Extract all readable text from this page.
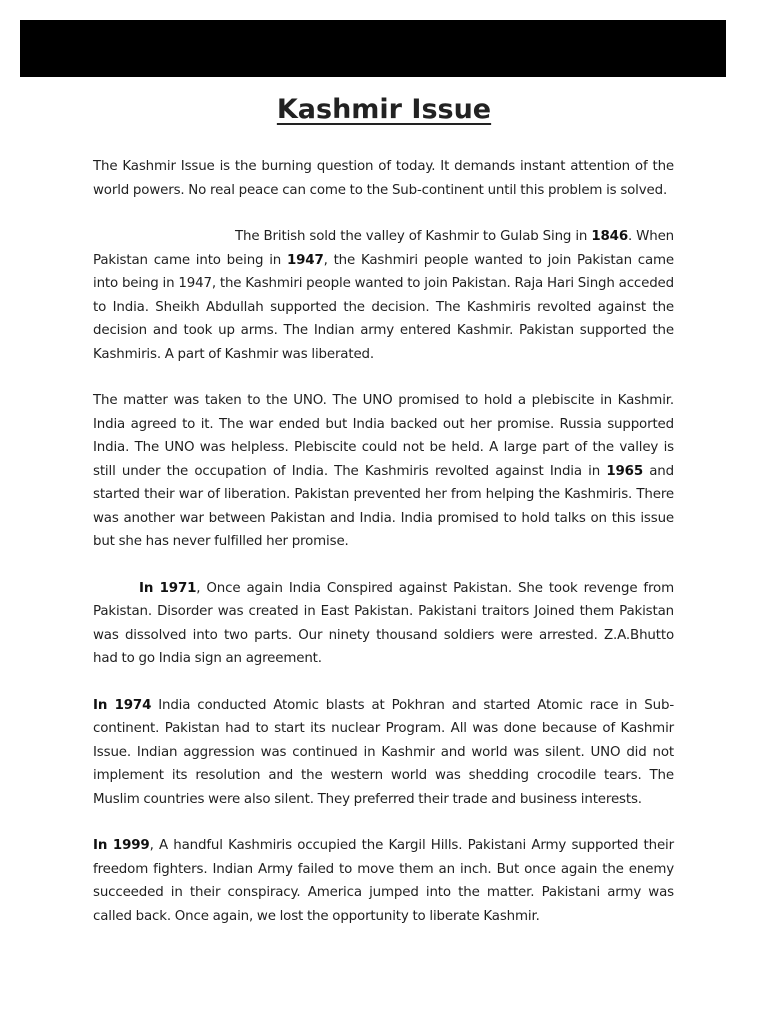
Kashmir Issue

The Kashmir Issue is the burning question of today. It demands instant attention of the world powers. No real peace can come to the Sub-continent until this problem is solved.

The British sold the valley of Kashmir to Gulab Sing in 1846. When Pakistan came into being in 1947, the Kashmiri people wanted to join Pakistan came into being in 1947, the Kashmiri people wanted to join Pakistan. Raja Hari Singh acceded to India. Sheikh Abdullah supported the decision. The Kashmiris revolted against the decision and took up arms. The Indian army entered Kashmir. Pakistan supported the Kashmiris. A part of Kashmir was liberated.

The matter was taken to the UNO. The UNO promised to hold a plebiscite in Kashmir. India agreed to it. The war ended but India backed out her promise. Russia supported India. The UNO was helpless. Plebiscite could not be held. A large part of the valley is still under the occupation of India. The Kashmiris revolted against India in 1965 and started their war of liberation. Pakistan prevented her from helping the Kashmiris. There was another war between Pakistan and India. India promised to hold talks on this issue but she has never fulfilled her promise.

In 1971, Once again India Conspired against Pakistan. She took revenge from Pakistan. Disorder was created in East Pakistan. Pakistani traitors Joined them Pakistan was dissolved into two parts. Our ninety thousand soldiers were arrested. Z.A.Bhutto had to go India sign an agreement.

In 1974 India conducted Atomic blasts at Pokhran and started Atomic race in Sub-continent. Pakistan had to start its nuclear Program. All was done because of Kashmir Issue. Indian aggression was continued in Kashmir and world was silent. UNO did not implement its resolution and the western world was shedding crocodile tears. The Muslim countries were also silent. They preferred their trade and business interests.

In 1999, A handful Kashmiris occupied the Kargil Hills. Pakistani Army supported their freedom fighters. Indian Army failed to move them an inch. But once again the enemy succeeded in their conspiracy. America jumped into the matter. Pakistani army was called back. Once again, we lost the opportunity to liberate Kashmir.
